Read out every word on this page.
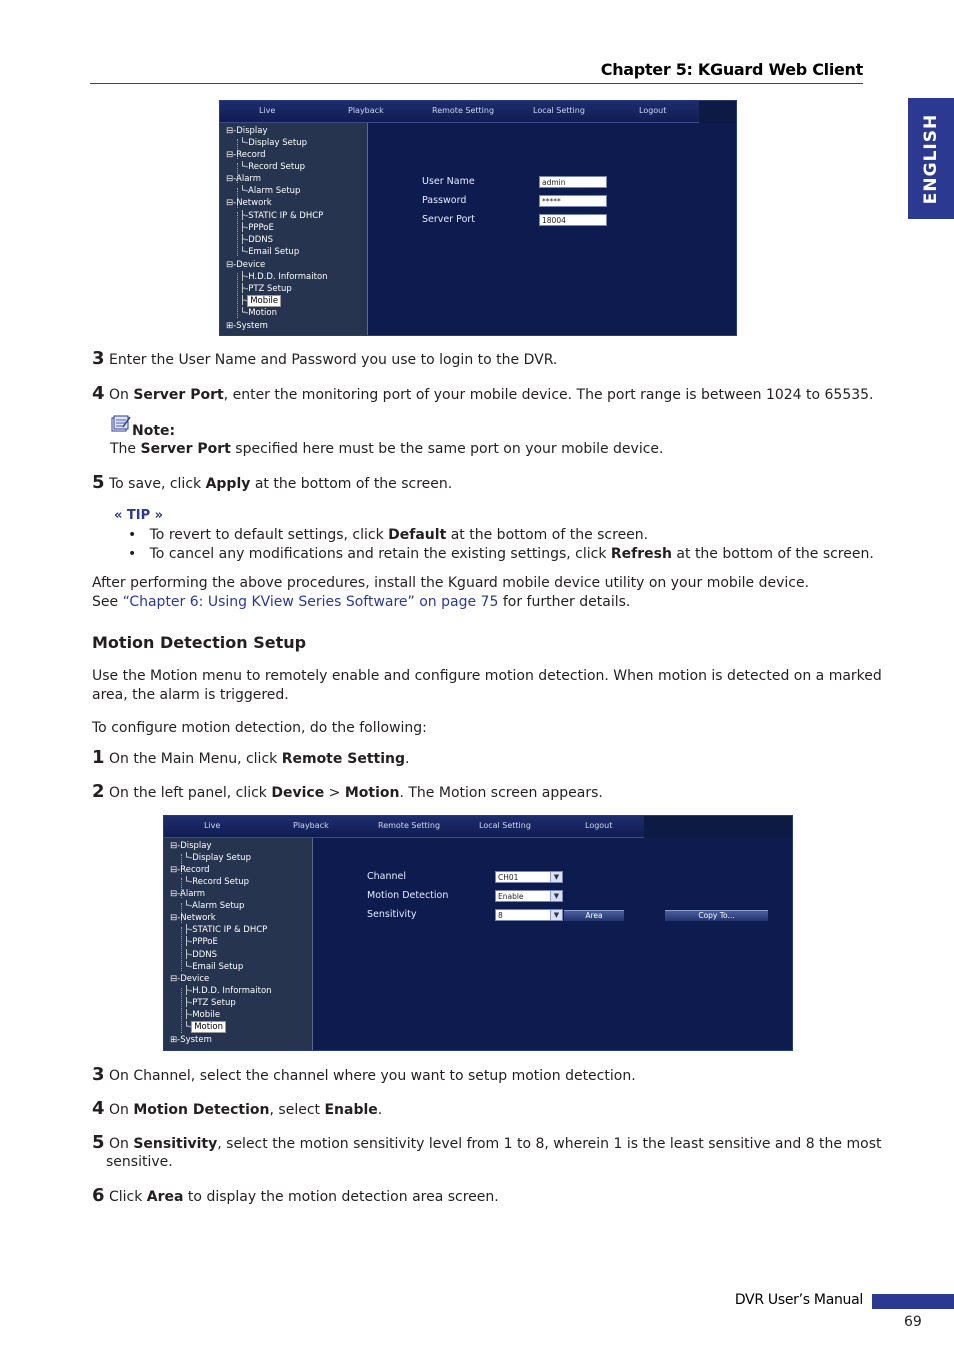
Chapter 5: KGuard Web Client
ENGLISH
Live	Playback	Remote Setting	Local Setting	Logout
⊟-Display
└-Display Setup
⊟-Record
└-Record Setup
⊟-Alarm
└-Alarm Setup
⊟-Network
├-STATIC IP & DHCP
├-PPPoE
├-DDNS
└-Email Setup
⊟-Device
├-H.D.D. Informaiton
├-PTZ Setup
├- Mobile
└-Motion
⊞-System
User Name	admin
Password	*****
Server Port	18004
3 Enter the User Name and Password you use to login to the DVR.
4 On Server Port, enter the monitoring port of your mobile device. The port range is between 1024 to 65535.
Note:
The Server Port specified here must be the same port on your mobile device.
5 To save, click Apply at the bottom of the screen.
« TIP »
• To revert to default settings, click Default at the bottom of the screen.
• To cancel any modifications and retain the existing settings, click Refresh at the bottom of the screen.
After performing the above procedures, install the Kguard mobile device utility on your mobile device.
See “Chapter 6: Using KView Series Software” on page 75 for further details.
Motion Detection Setup
Use the Motion menu to remotely enable and configure motion detection. When motion is detected on a marked
area, the alarm is triggered.
To configure motion detection, do the following:
1 On the Main Menu, click Remote Setting.
2 On the left panel, click Device > Motion. The Motion screen appears.
Live	Playback	Remote Setting	Local Setting	Logout
⊟-Display
└-Display Setup
⊟-Record
└-Record Setup
⊟-Alarm
└-Alarm Setup
⊟-Network
├-STATIC IP & DHCP
├-PPPoE
├-DDNS
└-Email Setup
⊟-Device
├-H.D.D. Informaiton
├-PTZ Setup
├-Mobile
└- Motion
⊞-System
Channel	CH01	▼
Motion Detection	Enable	▼
Sensitivity	8	▼	Area	Copy To...
3 On Channel, select the channel where you want to setup motion detection.
4 On Motion Detection, select Enable.
5 On Sensitivity, select the motion sensitivity level from 1 to 8, wherein 1 is the least sensitive and 8 the most
sensitive.
6 Click Area to display the motion detection area screen.
DVR User’s Manual
69
